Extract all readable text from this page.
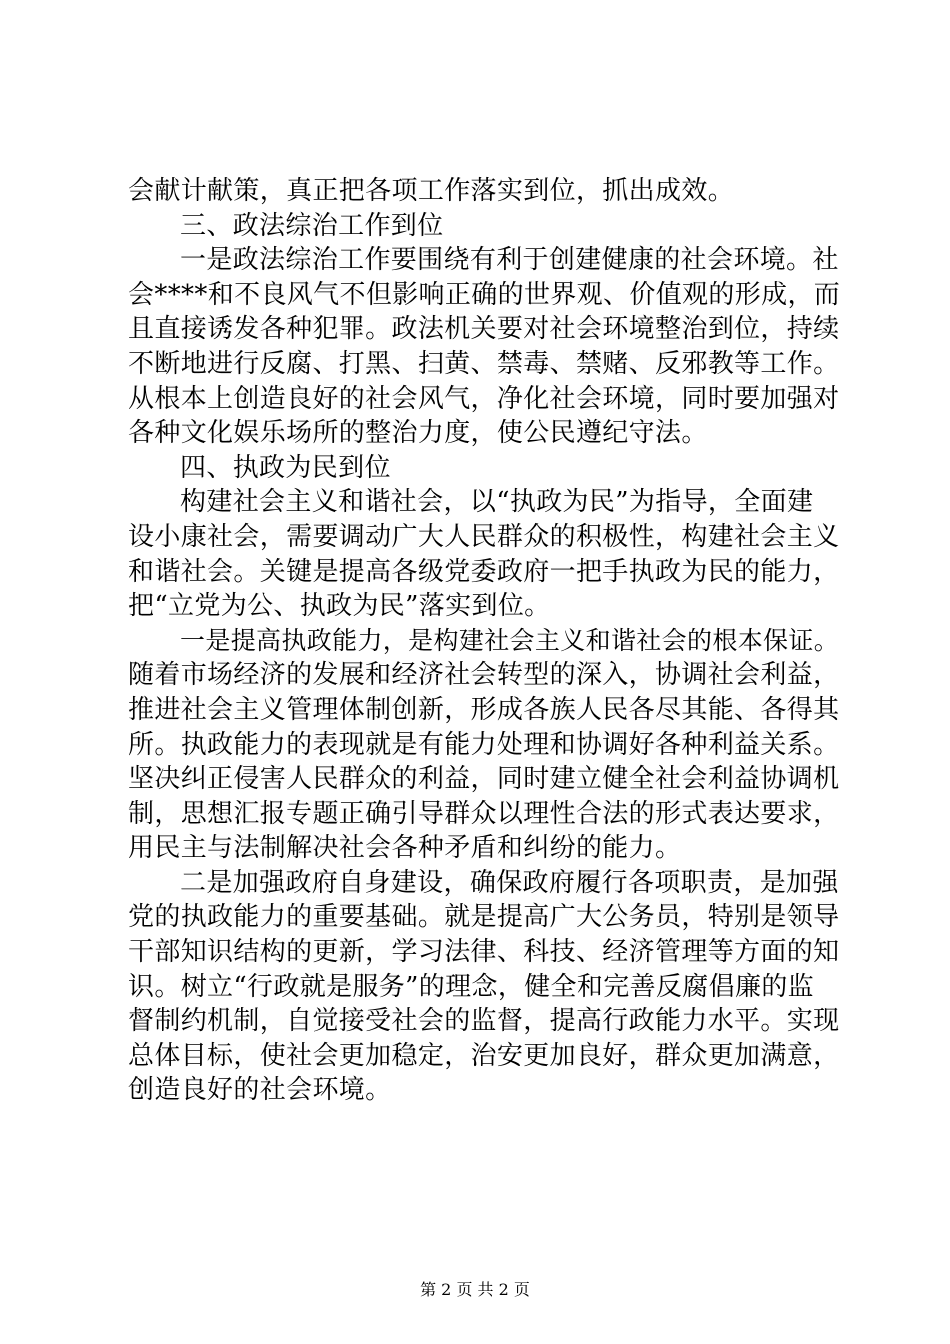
会献计献策，真正把各项工作落实到位，抓出成效。
三、政法综治工作到位
一是政法综治工作要围绕有利于创建健康的社会环境。社
会****和不良风气不但影响正确的世界观、价值观的形成，而
且直接诱发各种犯罪。政法机关要对社会环境整治到位，持续
不断地进行反腐、打黑、扫黄、禁毒、禁赌、反邪教等工作。
从根本上创造良好的社会风气，净化社会环境，同时要加强对
各种文化娱乐场所的整治力度，使公民遵纪守法。
四、执政为民到位
构建社会主义和谐社会，以“执政为民”为指导，全面建
设小康社会，需要调动广大人民群众的积极性，构建社会主义
和谐社会。关键是提高各级党委政府一把手执政为民的能力，
把“立党为公、执政为民”落实到位。
一是提高执政能力，是构建社会主义和谐社会的根本保证。
随着市场经济的发展和经济社会转型的深入，协调社会利益，
推进社会主义管理体制创新，形成各族人民各尽其能、各得其
所。执政能力的表现就是有能力处理和协调好各种利益关系。
坚决纠正侵害人民群众的利益，同时建立健全社会利益协调机
制，思想汇报专题正确引导群众以理性合法的形式表达要求，
用民主与法制解决社会各种矛盾和纠纷的能力。
二是加强政府自身建设，确保政府履行各项职责，是加强
党的执政能力的重要基础。就是提高广大公务员，特别是领导
干部知识结构的更新，学习法律、科技、经济管理等方面的知
识。树立“行政就是服务”的理念，健全和完善反腐倡廉的监
督制约机制，自觉接受社会的监督，提高行政能力水平。实现
总体目标，使社会更加稳定，治安更加良好，群众更加满意，
创造良好的社会环境。
第 2 页 共 2 页
